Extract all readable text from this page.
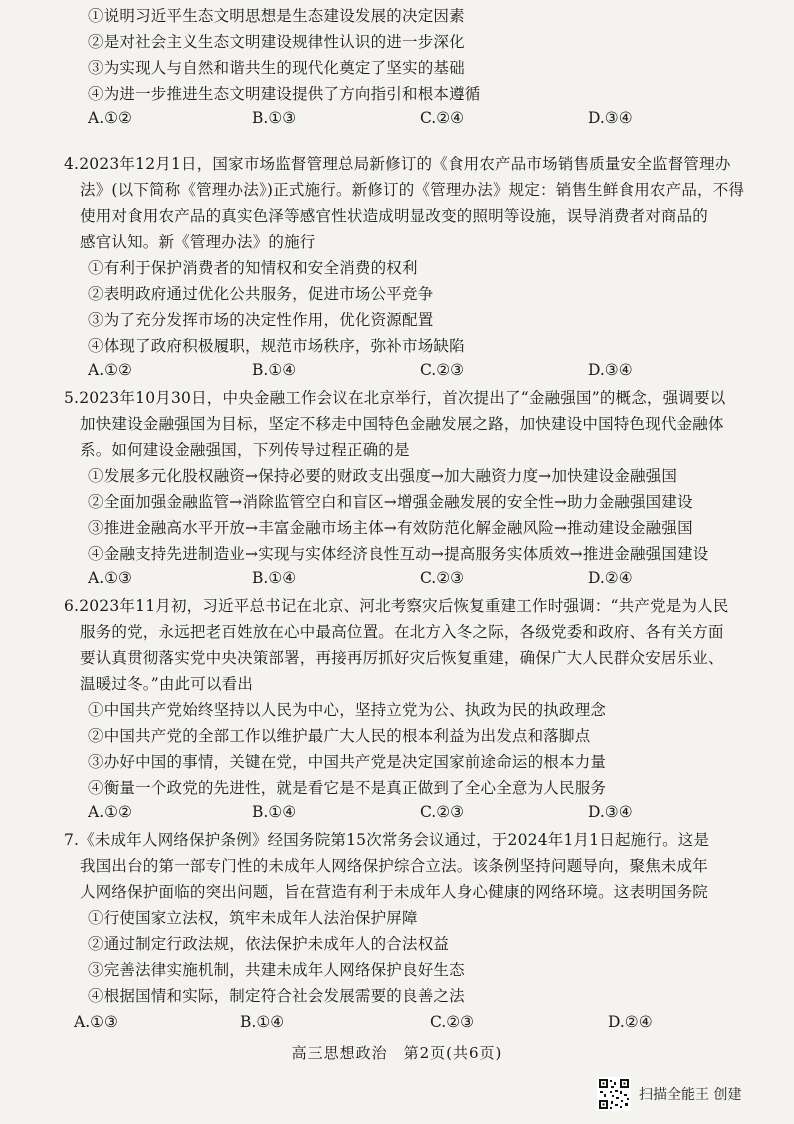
①说明习近平生态文明思想是生态建设发展的决定因素
②是对社会主义生态文明建设规律性认识的进一步深化
③为实现人与自然和谐共生的现代化奠定了坚实的基础
④为进一步推进生态文明建设提供了方向指引和根本遵循
A.①②	B.①③	C.②④	D.③④
4.2023年12月1日，国家市场监督管理总局新修订的《食用农产品市场销售质量安全监督管理办
法》(以下简称《管理办法》)正式施行。新修订的《管理办法》规定：销售生鲜食用农产品，不得
使用对食用农产品的真实色泽等感官性状造成明显改变的照明等设施，误导消费者对商品的
感官认知。新《管理办法》的施行
①有利于保护消费者的知情权和安全消费的权利
②表明政府通过优化公共服务，促进市场公平竞争
③为了充分发挥市场的决定性作用，优化资源配置
④体现了政府积极履职，规范市场秩序，弥补市场缺陷
A.①②	B.①④	C.②③	D.③④
5.2023年10月30日，中央金融工作会议在北京举行，首次提出了“金融强国”的概念，强调要以
加快建设金融强国为目标，坚定不移走中国特色金融发展之路，加快建设中国特色现代金融体
系。如何建设金融强国，下列传导过程正确的是
①发展多元化股权融资→保持必要的财政支出强度→加大融资力度→加快建设金融强国
②全面加强金融监管→消除监管空白和盲区→增强金融发展的安全性→助力金融强国建设
③推进金融高水平开放→丰富金融市场主体→有效防范化解金融风险→推动建设金融强国
④金融支持先进制造业→实现与实体经济良性互动→提高服务实体质效→推进金融强国建设
A.①③	B.①④	C.②③	D.②④
6.2023年11月初，习近平总书记在北京、河北考察灾后恢复重建工作时强调：“共产党是为人民
服务的党，永远把老百姓放在心中最高位置。在北方入冬之际，各级党委和政府、各有关方面
要认真贯彻落实党中央决策部署，再接再厉抓好灾后恢复重建，确保广大人民群众安居乐业、
温暖过冬。”由此可以看出
①中国共产党始终坚持以人民为中心，坚持立党为公、执政为民的执政理念
②中国共产党的全部工作以维护最广大人民的根本利益为出发点和落脚点
③办好中国的事情，关键在党，中国共产党是决定国家前途命运的根本力量
④衡量一个政党的先进性，就是看它是不是真正做到了全心全意为人民服务
A.①②	B.①④	C.②③	D.③④
7.《未成年人网络保护条例》经国务院第15次常务会议通过，于2024年1月1日起施行。这是
我国出台的第一部专门性的未成年人网络保护综合立法。该条例坚持问题导向，聚焦未成年
人网络保护面临的突出问题，旨在营造有利于未成年人身心健康的网络环境。这表明国务院
①行使国家立法权，筑牢未成年人法治保护屏障
②通过制定行政法规，依法保护未成年人的合法权益
③完善法律实施机制，共建未成年人网络保护良好生态
④根据国情和实际，制定符合社会发展需要的良善之法
A.①③	B.①④	C.②③	D.②④
高三思想政治　第2页(共6页)
扫描全能王 创建
